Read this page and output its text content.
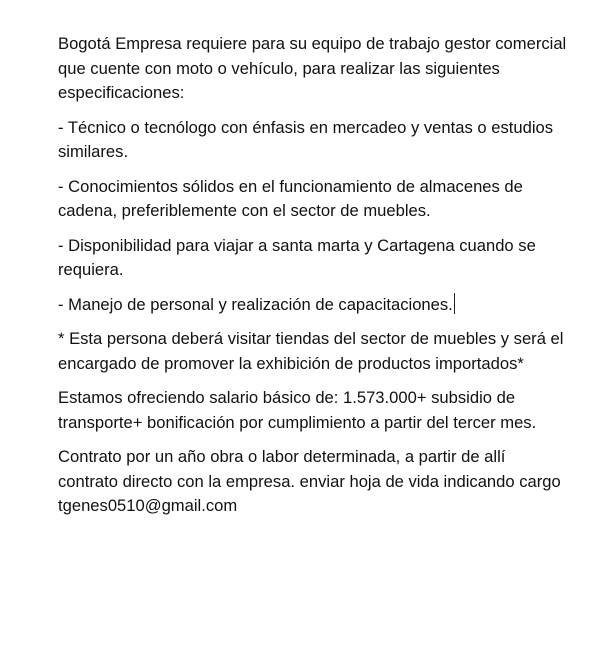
Bogotá Empresa requiere para su equipo de trabajo gestor comercial que cuente con moto o vehículo, para realizar las siguientes especificaciones:

- Técnico o tecnólogo con énfasis en mercadeo y ventas o estudios similares.

- Conocimientos sólidos en el funcionamiento de almacenes de cadena, preferiblemente con el sector de muebles.

- Disponibilidad para viajar a santa marta y Cartagena cuando se requiera.

- Manejo de personal y realización de capacitaciones.

* Esta persona deberá visitar tiendas del sector de muebles y será el encargado de promover la exhibición de productos importados*

Estamos ofreciendo salario básico de: 1.573.000+ subsidio de transporte+ bonificación por cumplimiento a partir del tercer mes.

Contrato por un año obra o labor determinada, a partir de allí contrato directo con la empresa. enviar hoja de vida indicando cargo tgenes0510@gmail.com
